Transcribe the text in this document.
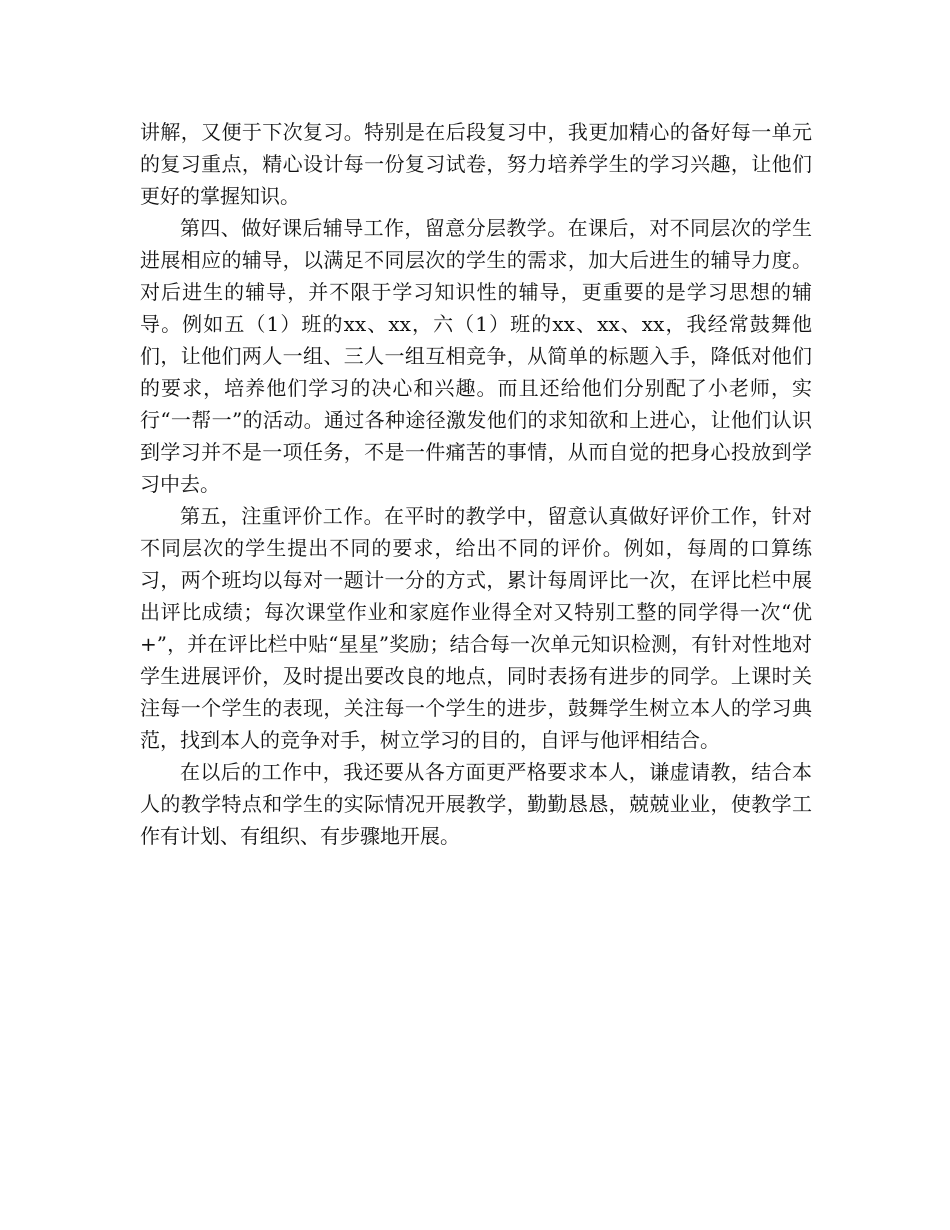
讲解，又便于下次复习。特别是在后段复习中，我更加精心的备好每一单元的复习重点，精心设计每一份复习试卷，努力培养学生的学习兴趣，让他们更好的掌握知识。

第四、做好课后辅导工作，留意分层教学。在课后，对不同层次的学生进展相应的辅导，以满足不同层次的学生的需求，加大后进生的辅导力度。对后进生的辅导，并不限于学习知识性的辅导，更重要的是学习思想的辅导。例如五（1）班的xx、xx，六（1）班的xx、xx、xx，我经常鼓舞他们，让他们两人一组、三人一组互相竞争，从简单的标题入手，降低对他们的要求，培养他们学习的决心和兴趣。而且还给他们分别配了小老师，实行“一帮一”的活动。通过各种途径激发他们的求知欲和上进心，让他们认识到学习并不是一项任务，不是一件痛苦的事情，从而自觉的把身心投放到学习中去。

第五，注重评价工作。在平时的教学中，留意认真做好评价工作，针对不同层次的学生提出不同的要求，给出不同的评价。例如，每周的口算练习，两个班均以每对一题计一分的方式，累计每周评比一次，在评比栏中展出评比成绩；每次课堂作业和家庭作业得全对又特别工整的同学得一次“优+”，并在评比栏中贴“星星”奖励；结合每一次单元知识检测，有针对性地对学生进展评价，及时提出要改良的地点，同时表扬有进步的同学。上课时关注每一个学生的表现，关注每一个学生的进步，鼓舞学生树立本人的学习典范，找到本人的竞争对手，树立学习的目的，自评与他评相结合。

在以后的工作中，我还要从各方面更严格要求本人，谦虚请教，结合本人的教学特点和学生的实际情况开展教学，勤勤恳恳，兢兢业业，使教学工作有计划、有组织、有步骤地开展。
